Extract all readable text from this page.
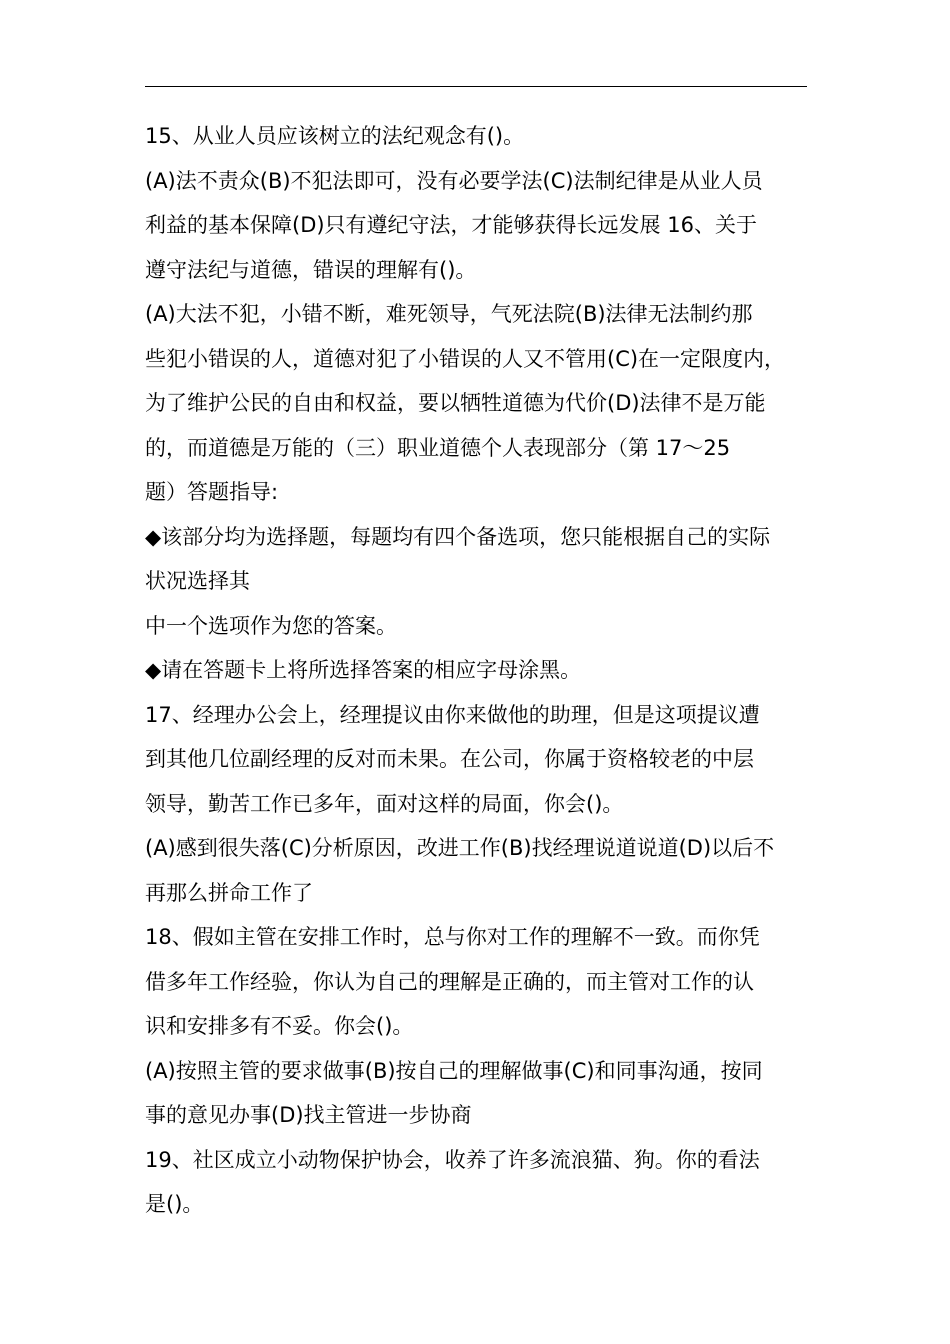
15、从业人员应该树立的法纪观念有()。
(A)法不责众(B)不犯法即可，没有必要学法(C)法制纪律是从业人员
利益的基本保障(D)只有遵纪守法，才能够获得长远发展 16、关于
遵守法纪与道德，错误的理解有()。
(A)大法不犯，小错不断，难死领导，气死法院(B)法律无法制约那
些犯小错误的人，道德对犯了小错误的人又不管用(C)在一定限度内，
为了维护公民的自由和权益，要以牺牲道德为代价(D)法律不是万能
的，而道德是万能的（三）职业道德个人表现部分（第 17～25
题）答题指导:
◆该部分均为选择题，每题均有四个备选项，您只能根据自己的实际
状况选择其
中一个选项作为您的答案。
◆请在答题卡上将所选择答案的相应字母涂黑。
17、经理办公会上，经理提议由你来做他的助理，但是这项提议遭
到其他几位副经理的反对而未果。在公司，你属于资格较老的中层
领导，勤苦工作已多年，面对这样的局面，你会()。
(A)感到很失落(C)分析原因，改进工作(B)找经理说道说道(D)以后不
再那么拼命工作了
18、假如主管在安排工作时，总与你对工作的理解不一致。而你凭
借多年工作经验，你认为自己的理解是正确的，而主管对工作的认
识和安排多有不妥。你会()。
(A)按照主管的要求做事(B)按自己的理解做事(C)和同事沟通，按同
事的意见办事(D)找主管进一步协商
19、社区成立小动物保护协会，收养了许多流浪猫、狗。你的看法
是()。
